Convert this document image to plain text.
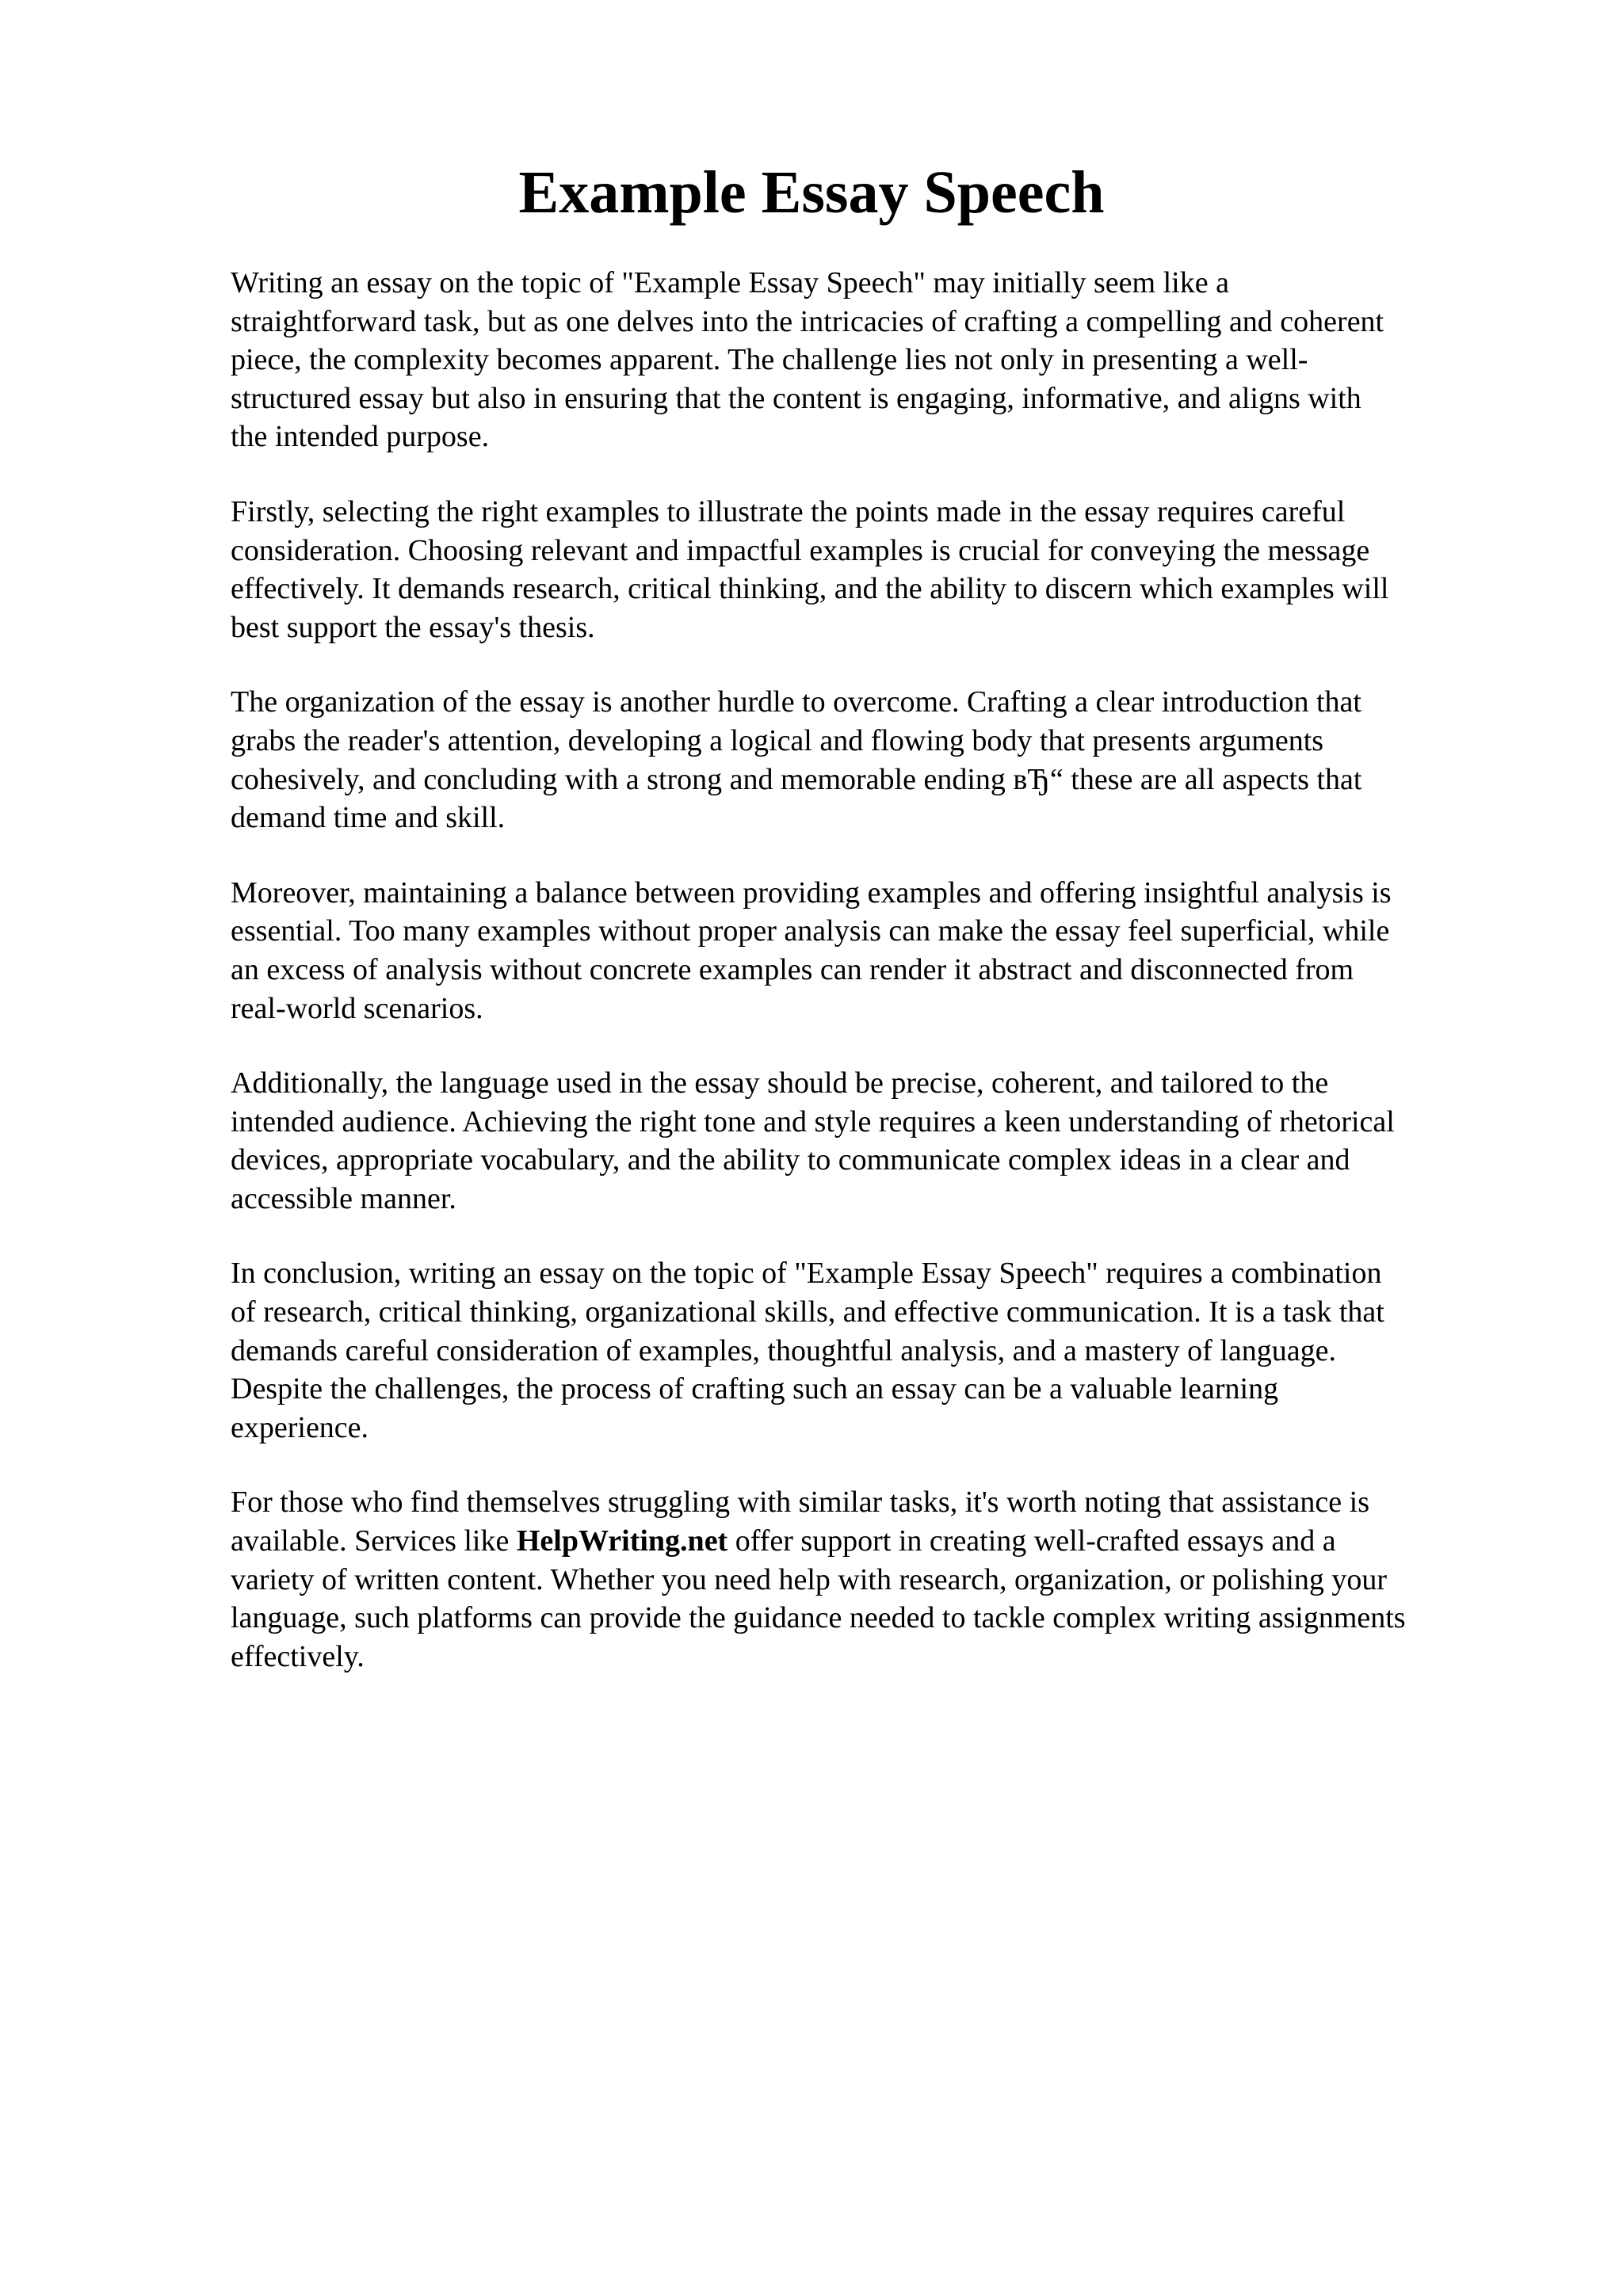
Example Essay Speech

Writing an essay on the topic of "Example Essay Speech" may initially seem like a
straightforward task, but as one delves into the intricacies of crafting a compelling and coherent
piece, the complexity becomes apparent. The challenge lies not only in presenting a well-
structured essay but also in ensuring that the content is engaging, informative, and aligns with
the intended purpose.

Firstly, selecting the right examples to illustrate the points made in the essay requires careful
consideration. Choosing relevant and impactful examples is crucial for conveying the message
effectively. It demands research, critical thinking, and the ability to discern which examples will
best support the essay's thesis.

The organization of the essay is another hurdle to overcome. Crafting a clear introduction that
grabs the reader's attention, developing a logical and flowing body that presents arguments
cohesively, and concluding with a strong and memorable ending вЂ“ these are all aspects that
demand time and skill.

Moreover, maintaining a balance between providing examples and offering insightful analysis is
essential. Too many examples without proper analysis can make the essay feel superficial, while
an excess of analysis without concrete examples can render it abstract and disconnected from
real-world scenarios.

Additionally, the language used in the essay should be precise, coherent, and tailored to the
intended audience. Achieving the right tone and style requires a keen understanding of rhetorical
devices, appropriate vocabulary, and the ability to communicate complex ideas in a clear and
accessible manner.

In conclusion, writing an essay on the topic of "Example Essay Speech" requires a combination
of research, critical thinking, organizational skills, and effective communication. It is a task that
demands careful consideration of examples, thoughtful analysis, and a mastery of language.
Despite the challenges, the process of crafting such an essay can be a valuable learning
experience.

For those who find themselves struggling with similar tasks, it's worth noting that assistance is
available. Services like HelpWriting.net offer support in creating well-crafted essays and a
variety of written content. Whether you need help with research, organization, or polishing your
language, such platforms can provide the guidance needed to tackle complex writing assignments
effectively.
